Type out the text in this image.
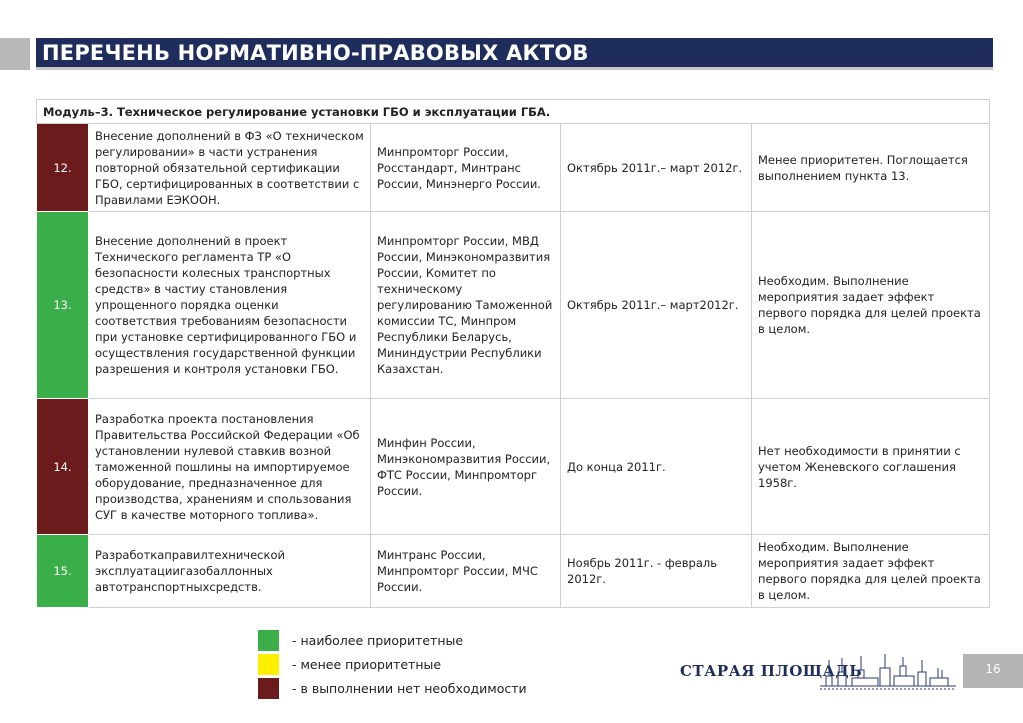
ПЕРЕЧЕНЬ НОРМАТИВНО-ПРАВОВЫХ АКТОВ
Модуль–3. Техническое регулирование установки ГБО и эксплуатации ГБА.				
12.	Внесение дополнений в ФЗ «О техническом регулировании» в части устранения повторной обязательной сертификации ГБО, сертифицированных в соответствии с Правилами ЕЭКООН.	Минпромторг России, Росстандарт, Минтранс России, Минэнерго России.	Октябрь 2011г.– март 2012г.	Менее приоритетен. Поглощается выполнением пункта 13.
13.	Внесение дополнений в проект Технического регламента ТР «О безопасности колесных транспортных средств» в частиу становления упрощенного порядка оценки соответствия требованиям безопасности при установке сертифицированного ГБО и осуществления государственной функции разрешения и контроля установки ГБО.	Минпромторг России, МВД России, Минэкономразвития России, Комитет по техническому регулированию Таможенной комиссии ТС, Минпром Республики Беларусь, Мининдустрии Республики Казахстан.	Октябрь 2011г.– март2012г.	Необходим. Выполнение мероприятия задает эффект первого порядка для целей проекта в целом.
14.	Разработка проекта постановления Правительства Российской Федерации «Об установлении нулевой ставкив возной таможенной пошлины на импортируемое оборудование, предназначенное для производства, хранениям и спользования СУГ в качестве моторного топлива».	Минфин России, Минэкономразвития России, ФТС России, Минпромторг России.	До конца 2011г.	Нет необходимости в принятии с учетом Женевского соглашения 1958г.
15.	Разработкаправилтехнической эксплуатациигазобаллонных автотранспортныхсредств.	Минтранс России, Минпромторг России, МЧС России.	Ноябрь 2011г. - февраль 2012г.	Необходим. Выполнение мероприятия задает эффект первого порядка для целей проекта в целом.
- наиболее приоритетные
- менее приоритетные
- в выполнении нет необходимости
СТАРАЯ ПЛОЩАДЬ	16
